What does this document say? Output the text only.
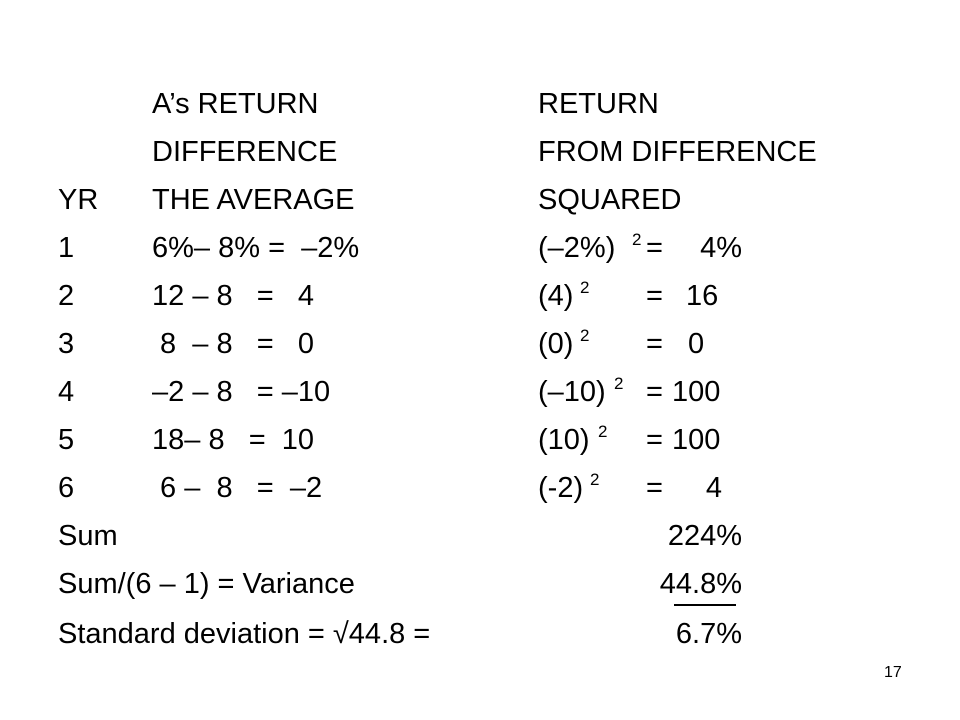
A’s RETURN	RETURN
DIFFERENCE	FROM DIFFERENCE
YR THE AVERAGE	SQUARED
1	6%– 8% =  –2%	(–2%) 2 =	4%
2	12 – 8   =   4	(4) 2 = 16
3	8  – 8   =   0	(0) 2 = 0
4	–2 – 8   = –10	(–10) 2 = 100
5	18– 8   =  10	(10) 2 = 100
6	6 –  8   =  –2	(-2) 2 =	4
Sum	224%
Sum/(6 – 1) = Variance	44.8%
Standard deviation = √44.8 =	6.7%
17
